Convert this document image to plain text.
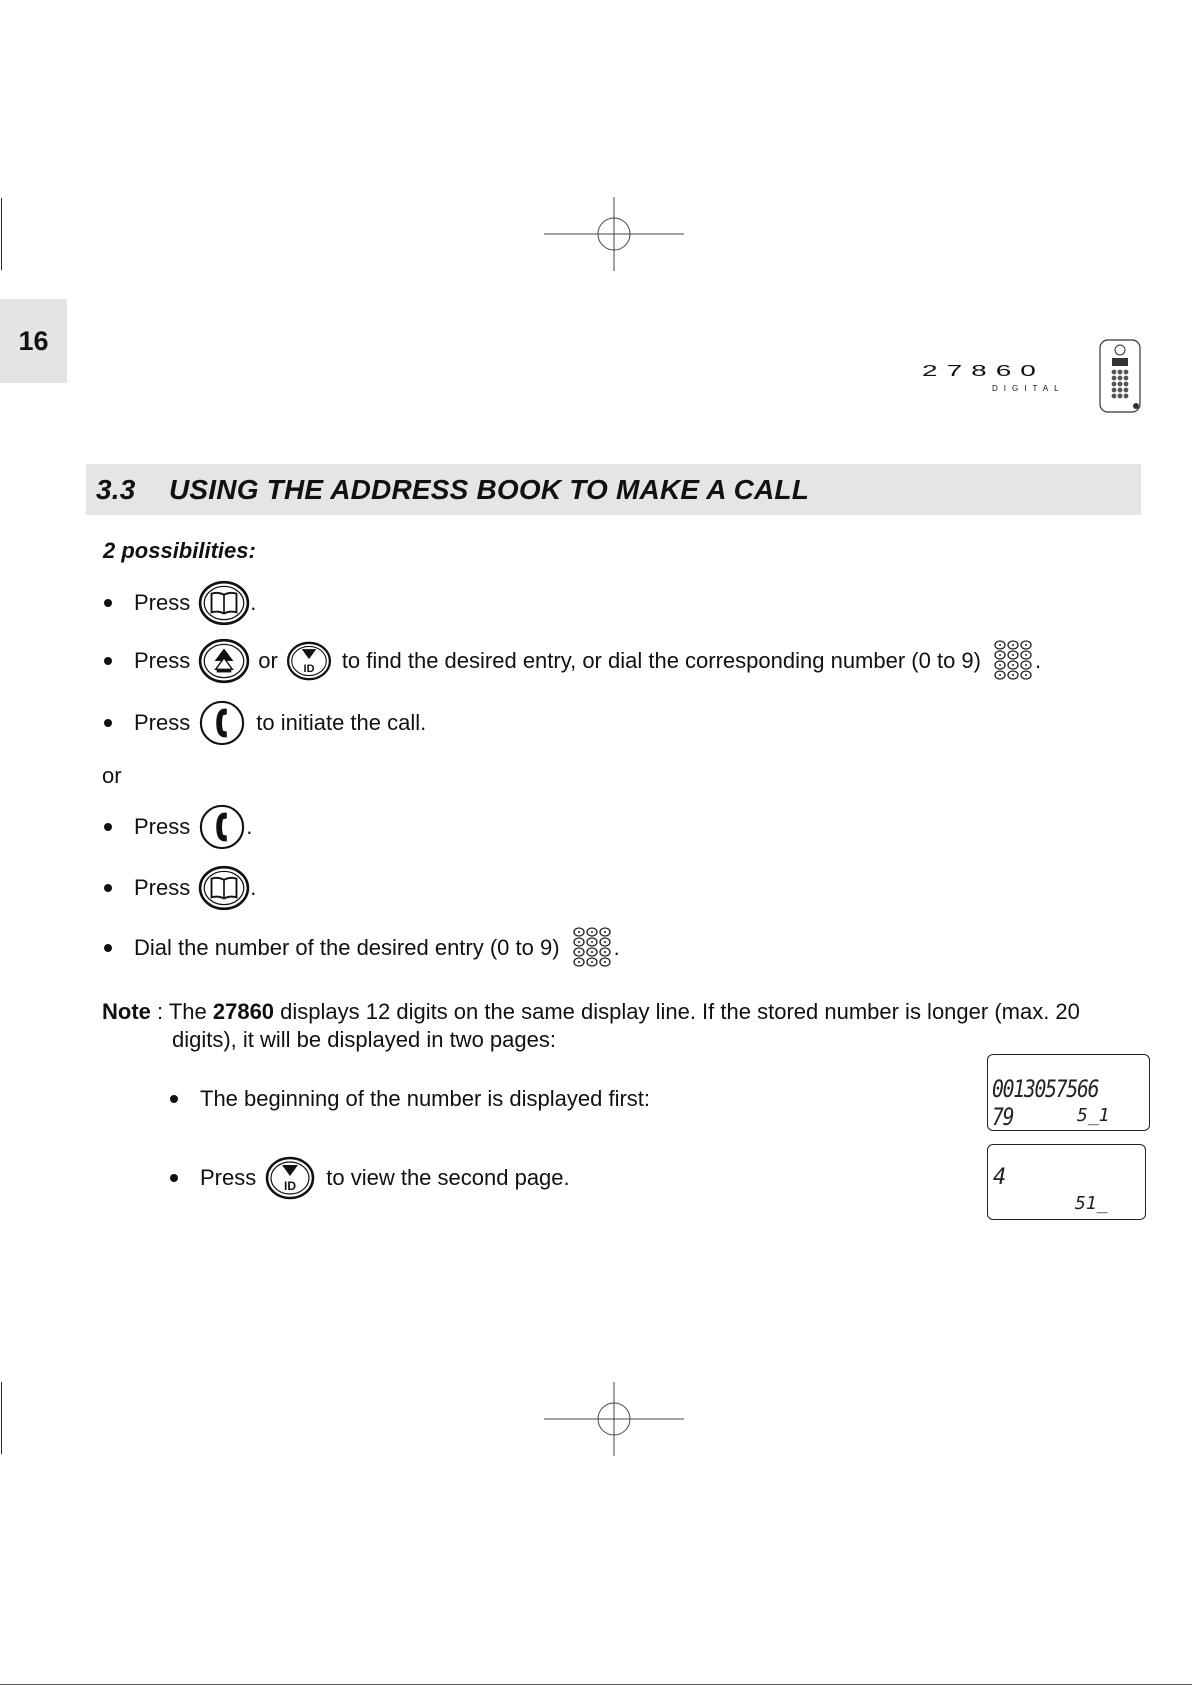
16
27860
DIGITAL
3.3 USING THE ADDRESS BOOK TO MAKE A CALL
2 possibilities:
Press	.
Press	or	to find the desired entry, or dial the corresponding number (0 to 9) .
Press	to initiate the call.
or
Press	.
Press	.
Dial the number of the desired entry (0 to 9) .
Note : The 27860 displays 12 digits on the same display line. If the stored number is longer (max. 20
digits), it will be displayed in two pages:
The beginning of the number is displayed first:
Press	to view the second page.
0013057566 79	5_1
4
51_
